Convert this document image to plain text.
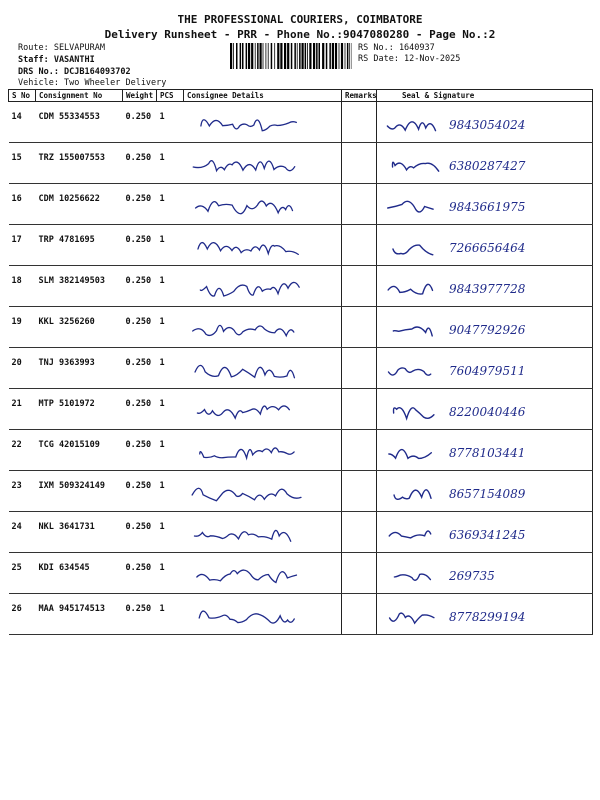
THE PROFESSIONAL COURIERS, COIMBATORE
Delivery Runsheet - PRR - Phone No.:9047080280 - Page No.:2
Route: SELVAPURAM
Staff: VASANTHI
DRS No.: DCJB164093702
Vehicle: Two Wheeler Delivery
RS No.: 1640937
RS Date: 12-Nov-2025
S No	Consignment No	Weight	PCS	Consignee Details	Remarks	Seal & Signature
14	CDM 55334553	0.250	1			9843054024

15	TRZ 155007553	0.250	1			6380287427

16	CDM 10256622	0.250	1			9843661975

17	TRP 4781695	0.250	1			7266656464

18	SLM 382149503	0.250	1			9843977728

19	KKL 3256260	0.250	1			9047792926

20	TNJ 9363993	0.250	1			7604979511

21	MTP 5101972	0.250	1			8220040446

22	TCG 42015109	0.250	1			8778103441

23	IXM 509324149	0.250	1			8657154089

24	NKL 3641731	0.250	1			6369341245

25	KDI 634545	0.250	1			269735

26	MAA 945174513	0.250	1			8778299194
